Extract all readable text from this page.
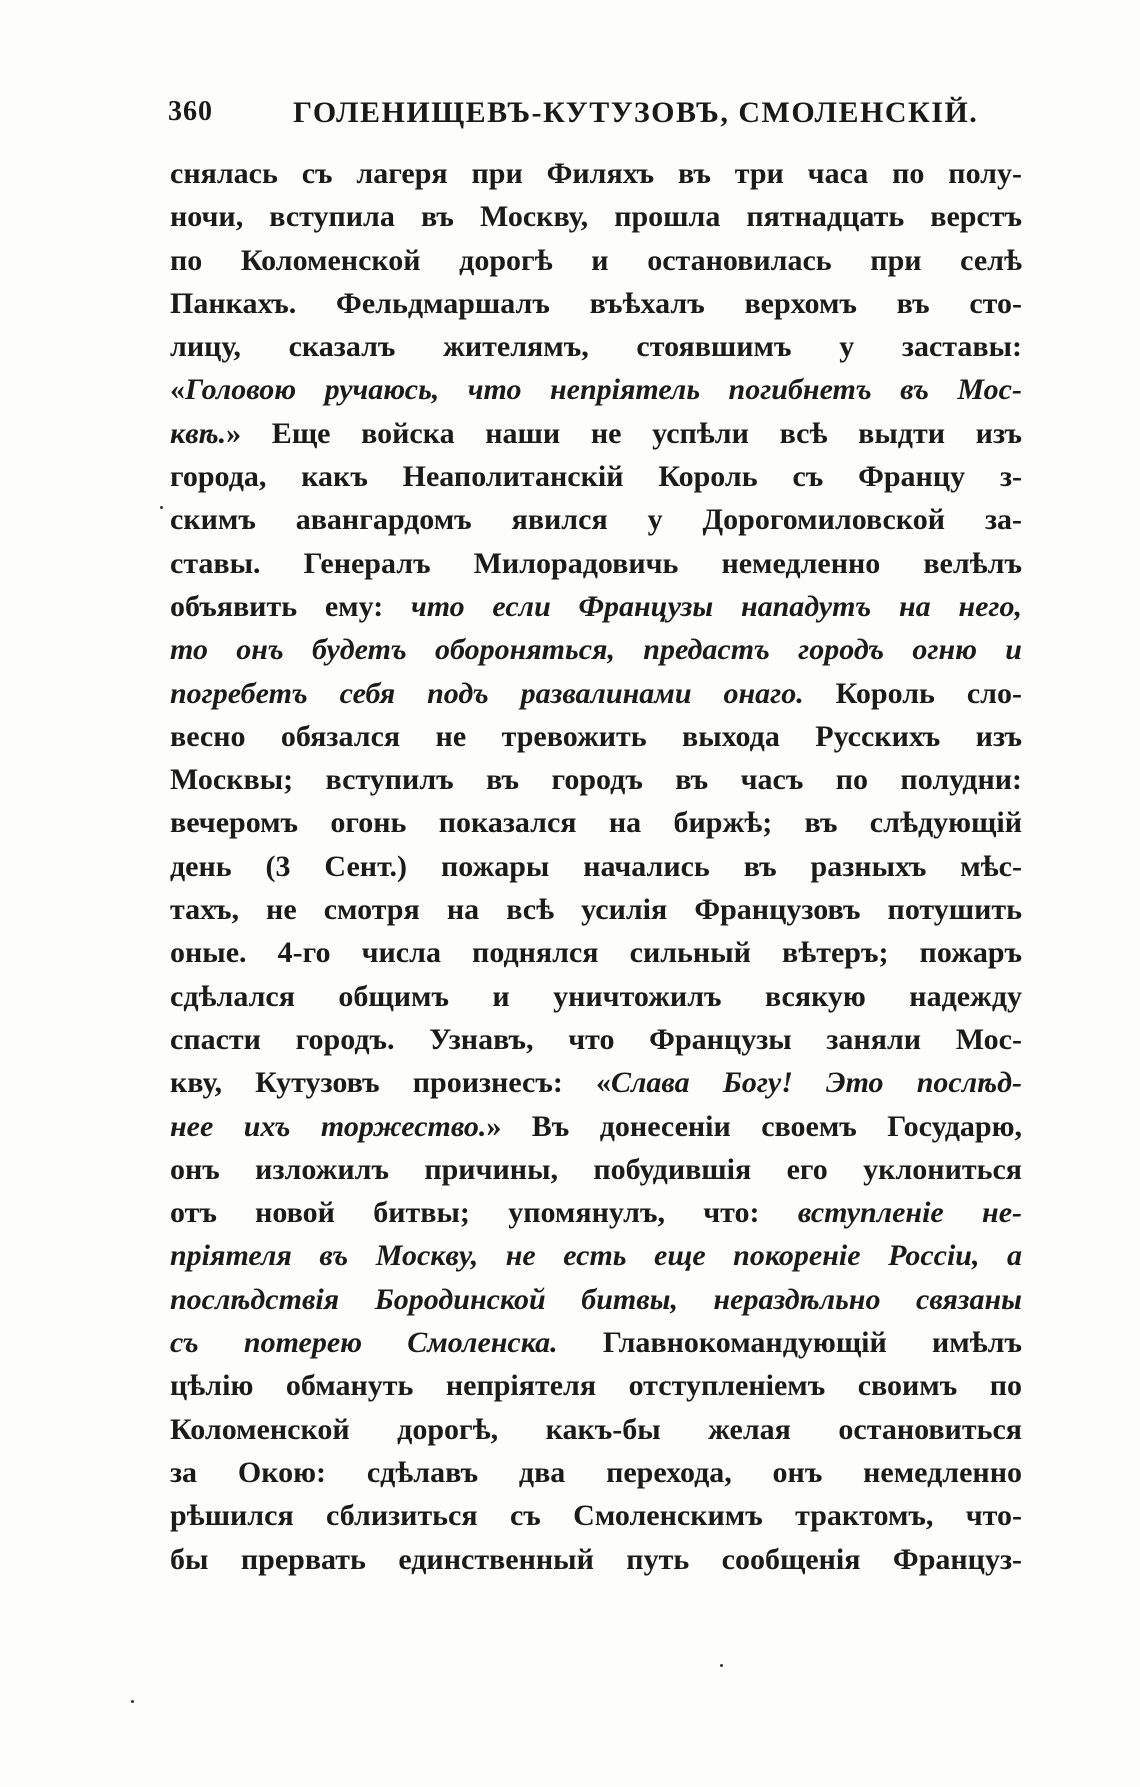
360	ГОЛЕНИЩЕВЪ-КУТУЗОВЪ, СМОЛЕНСКІЙ.
снялась съ лагеря при Филяхъ въ три часа по полу-
ночи, вступила въ Москву, прошла пятнадцать верстъ
по Коломенской дорогѣ и остановилась при селѣ
Панкахъ. Фельдмаршалъ въѣхалъ верхомъ въ сто-
лицу, сказалъ жителямъ, стоявшимъ у заставы:
«Головою ручаюсь, что непріятель погибнетъ въ Мос-
квѣ.» Еще войска наши не успѣли всѣ выдти изъ
города, какъ Неаполитанскій Король съ Францу з-
скимъ авангардомъ явился у Дорогомиловской за-
ставы. Генералъ Милорадовичь немедленно велѣлъ
объявить ему: что если Французы нападутъ на него,
то онъ будетъ обороняться, предастъ городъ огню и
погребетъ себя подъ развалинами онаго. Король сло-
весно обязался не тревожить выхода Русскихъ изъ
Москвы; вступилъ въ городъ въ часъ по полудни:
вечеромъ огонь показался на биржѣ; въ слѣдующій
день (3 Сент.) пожары начались въ разныхъ мѣс-
тахъ, не смотря на всѣ усилія Французовъ потушить
оные. 4-го числа поднялся сильный вѣтеръ; пожаръ
сдѣлался общимъ и уничтожилъ всякую надежду
спасти городъ. Узнавъ, что Французы заняли Мос-
кву, Кутузовъ произнесъ: «Слава Богу! Это послѣд-
нее ихъ торжество.» Въ донесеніи своемъ Государю,
онъ изложилъ причины, побудившія его уклониться
отъ новой битвы; упомянулъ, что: вступленіе не-
пріятеля въ Москву, не есть еще покореніе Россіи, а
послѣдствія Бородинской битвы, нераздѣльно связаны
съ потерею Смоленска. Главнокомандующій имѣлъ
цѣлію обмануть непріятеля отступленіемъ своимъ по
Коломенской дорогѣ, какъ-бы желая остановиться
за Окою: сдѣлавъ два перехода, онъ немедленно
рѣшился сблизиться съ Смоленскимъ трактомъ, что-
бы прервать единственный путь сообщенія Француз-
